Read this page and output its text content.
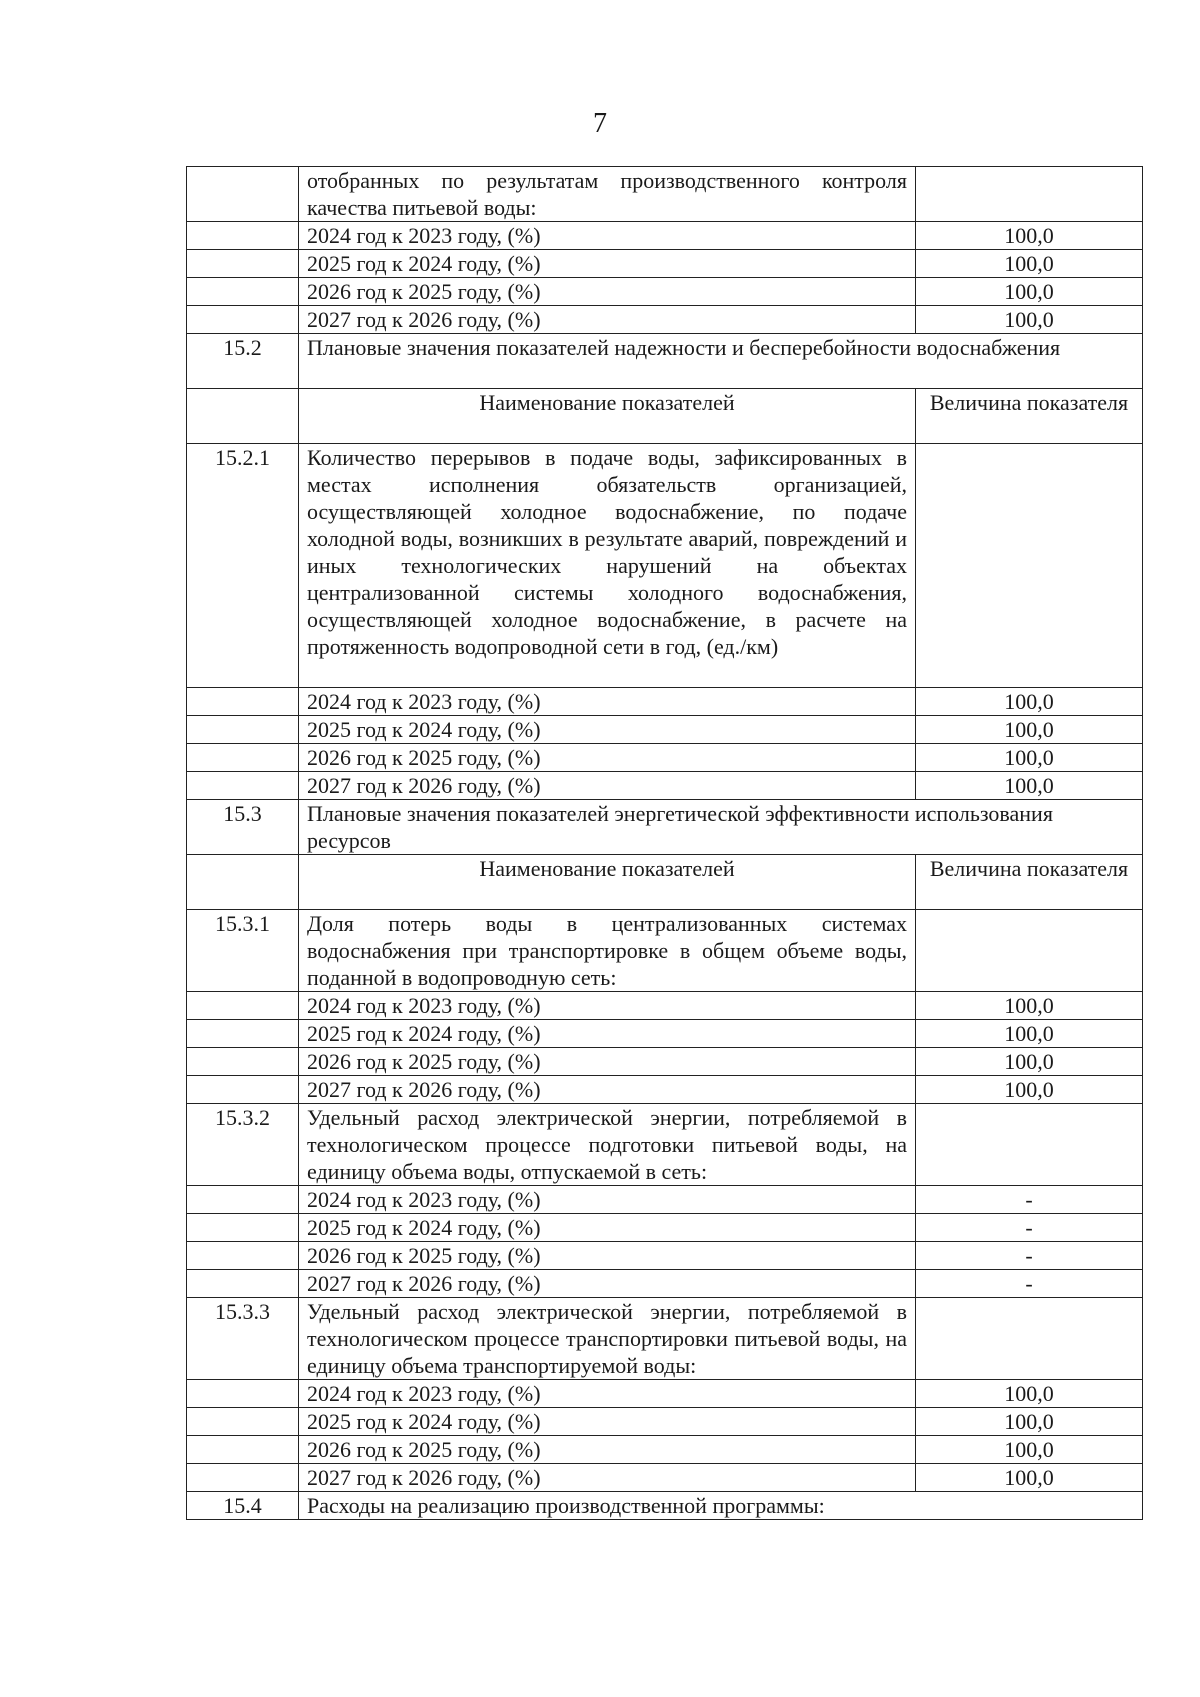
7
	отобранных по результатам производственного контроля качества питьевой воды:	
	2024 год к 2023 году, (%)	100,0
	2025 год к 2024 году, (%)	100,0
	2026 год к 2025 году, (%)	100,0
	2027 год к 2026 году, (%)	100,0
15.2	Плановые значения показателей надежности и бесперебойности водоснабжения	
	Наименование показателей	Величина показателя
15.2.1	Количество перерывов в подаче воды, зафиксированных в местах исполнения обязательств организацией, осуществляющей холодное водоснабжение, по подаче холодной воды, возникших в результате аварий, повреждений и иных технологических нарушений на объектах централизованной системы холодного водоснабжения, осуществляющей холодное водоснабжение, в расчете на протяженность водопроводной сети в год, (ед./км)	
	2024 год к 2023 году, (%)	100,0
	2025 год к 2024 году, (%)	100,0
	2026 год к 2025 году, (%)	100,0
	2027 год к 2026 году, (%)	100,0
15.3	Плановые значения показателей энергетической эффективности использования ресурсов	
	Наименование показателей	Величина показателя
15.3.1	Доля потерь воды в централизованных системах водоснабжения при транспортировке в общем объеме воды, поданной в водопроводную сеть:	
	2024 год к 2023 году, (%)	100,0
	2025 год к 2024 году, (%)	100,0
	2026 год к 2025 году, (%)	100,0
	2027 год к 2026 году, (%)	100,0
15.3.2	Удельный расход электрической энергии, потребляемой в технологическом процессе подготовки питьевой воды, на единицу объема воды, отпускаемой в сеть:	
	2024 год к 2023 году, (%)	-
	2025 год к 2024 году, (%)	-
	2026 год к 2025 году, (%)	-
	2027 год к 2026 году, (%)	-
15.3.3	Удельный расход электрической энергии, потребляемой в технологическом процессе транспортировки питьевой воды, на единицу объема транспортируемой воды:	
	2024 год к 2023 году, (%)	100,0
	2025 год к 2024 году, (%)	100,0
	2026 год к 2025 году, (%)	100,0
	2027 год к 2026 году, (%)	100,0
15.4	Расходы на реализацию производственной программы:	
